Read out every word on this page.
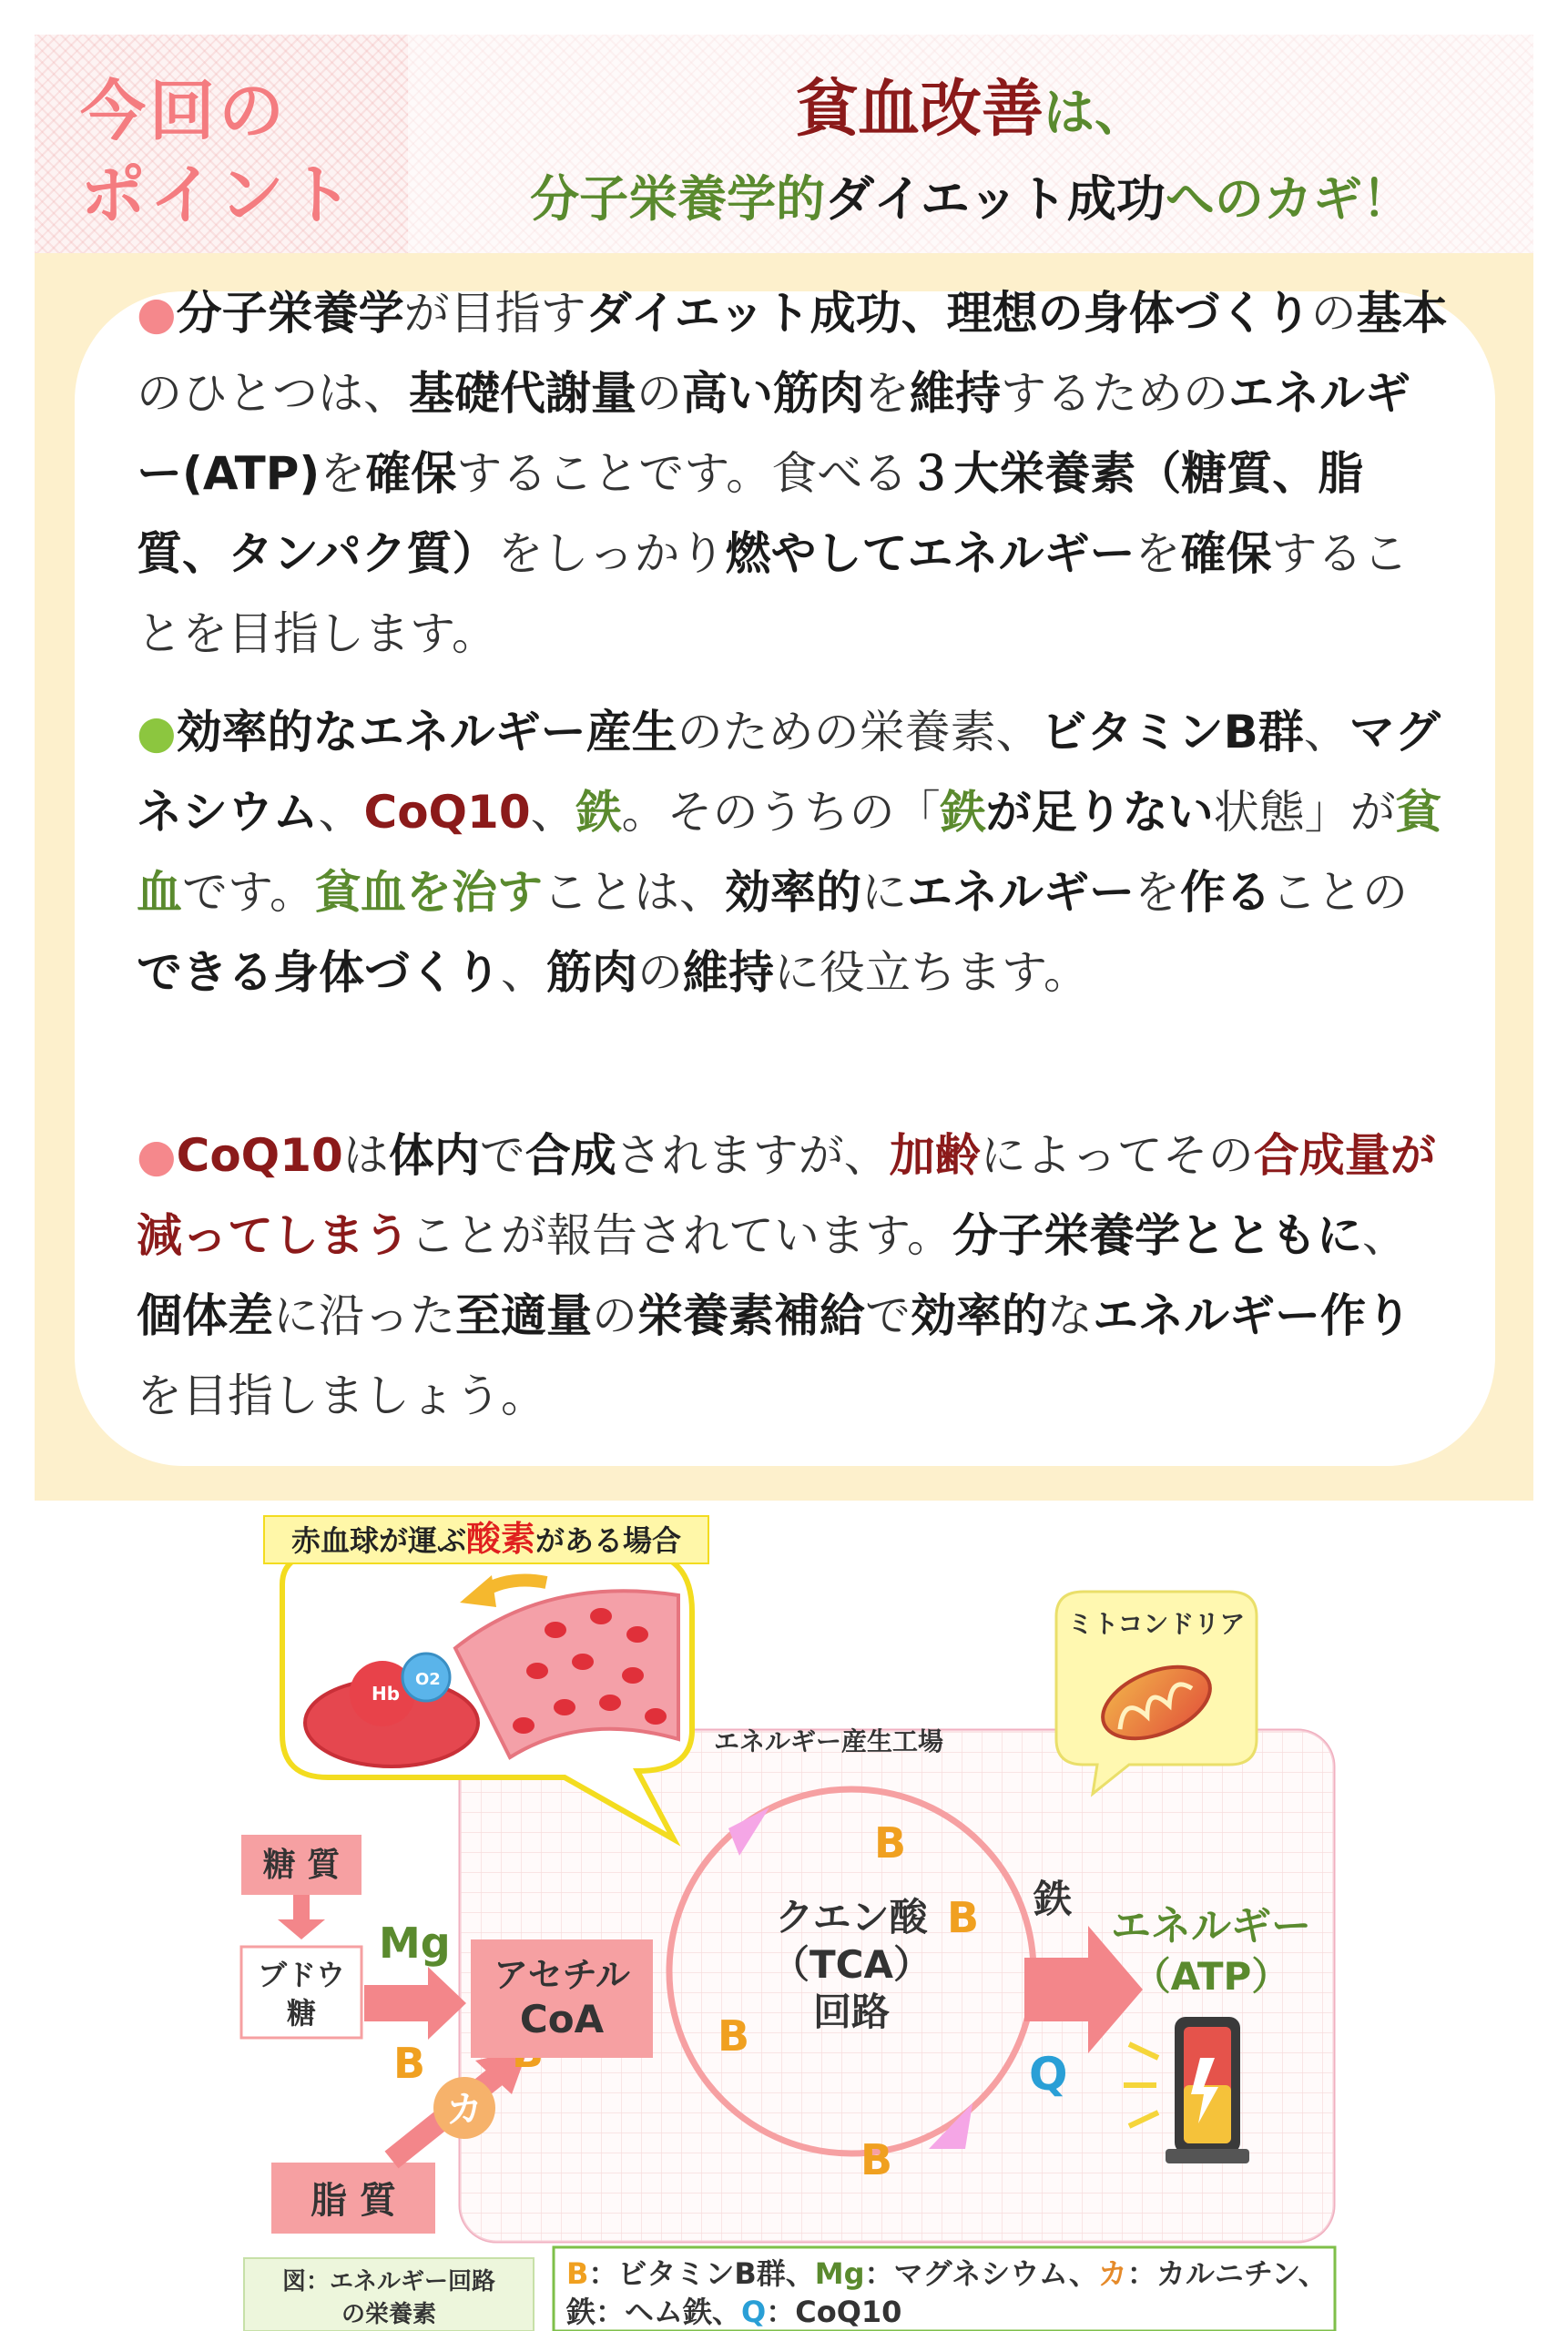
今回の
ポイント
貧血改善は、
分子栄養学的ダイエット成功へのカギ！
●分子栄養学が目指すダイエット成功、理想の身体づくりの基本のひとつは、基礎代謝量の高い筋肉を維持するためのエネルギー(ATP)を確保することです。食べる３大栄養素（糖質、脂質、タンパク質）をしっかり燃やしてエネルギーを確保することを目指します。
●効率的なエネルギー産生のための栄養素、ビタミンB群、マグネシウム、CoQ10、鉄。そのうちの「鉄が足りない状態」が貧血です。貧血を治すことは、効率的にエネルギーを作ることのできる身体づくり、筋肉の維持に役立ちます。
●CoQ10は体内で合成されますが、加齢によってその合成量が減ってしまうことが報告されています。分子栄養学とともに、個体差に沿った至適量の栄養素補給で効率的なエネルギー作りを目指しましょう。
エネルギー産生工場
赤血球が運ぶ酸素がある場合
Hb
O2
ミトコンドリア
糖 質
ブドウ
糖
Mg
B
脂 質
カ
アセチル
CoA
クエン酸
（TCA）
回路
B
B
B
B
鉄
Q
エネルギー
（ATP）
図：エネルギー回路
の栄養素
B：ビタミンB群、Mg：マグネシウム、カ：カルニチン、
鉄：ヘム鉄、Q：CoQ10
